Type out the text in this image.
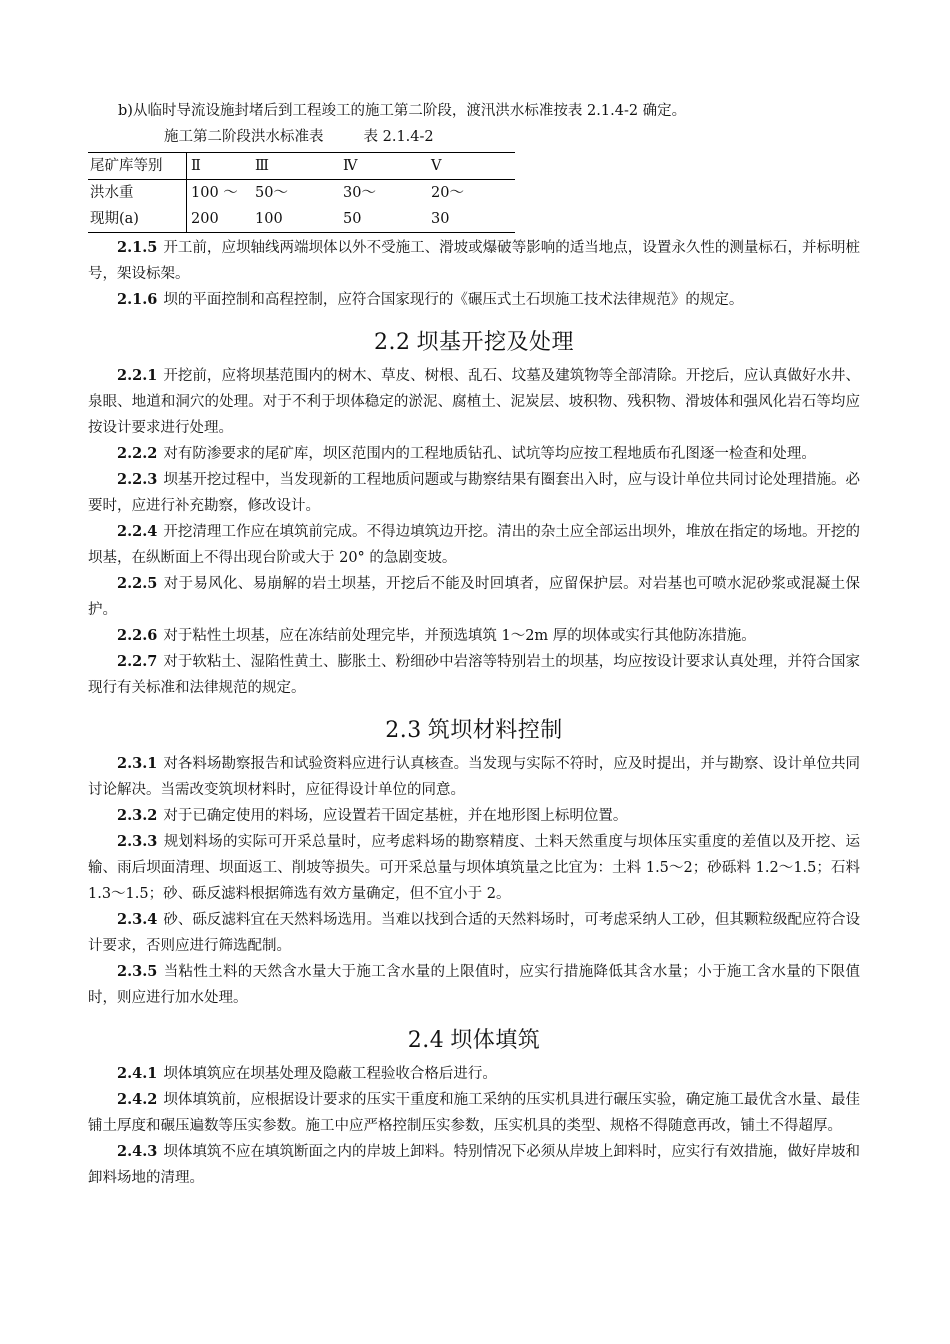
b)从临时导流设施封堵后到工程竣工的施工第二阶段，渡汛洪水标准按表 2.1.4-2 确定。

施工第二阶段洪水标准表	表 2.1.4-2

尾矿库等别	Ⅱ	Ⅲ	Ⅳ	Ⅴ
洪水重	100 ～	50～	30～	20～
现期(a)	200	100	50	30

2.1.5 开工前，应坝轴线两端坝体以外不受施工、滑坡或爆破等影响的适当地点，设置永久性的测量标石，并标明桩号，架设标架。

2.1.6 坝的平面控制和高程控制，应符合国家现行的《碾压式土石坝施工技术法律规范》的规定。

2.2 坝基开挖及处理

2.2.1 开挖前，应将坝基范围内的树木、草皮、树根、乱石、坟墓及建筑物等全部清除。开挖后，应认真做好水井、泉眼、地道和洞穴的处理。对于不利于坝体稳定的淤泥、腐植土、泥炭层、坡积物、残积物、滑坡体和强风化岩石等均应按设计要求进行处理。

2.2.2 对有防渗要求的尾矿库，坝区范围内的工程地质钻孔、试坑等均应按工程地质布孔图逐一检查和处理。

2.2.3 坝基开挖过程中，当发现新的工程地质问题或与勘察结果有圈套出入时，应与设计单位共同讨论处理措施。必要时，应进行补充勘察，修改设计。

2.2.4 开挖清理工作应在填筑前完成。不得边填筑边开挖。清出的杂土应全部运出坝外，堆放在指定的场地。开挖的坝基，在纵断面上不得出现台阶或大于 20° 的急剧变坡。

2.2.5 对于易风化、易崩解的岩土坝基，开挖后不能及时回填者，应留保护层。对岩基也可喷水泥砂浆或混凝土保护。

2.2.6 对于粘性土坝基，应在冻结前处理完毕，并预选填筑 1～2m 厚的坝体或实行其他防冻措施。

2.2.7 对于软粘土、湿陷性黄土、膨胀土、粉细砂中岩溶等特别岩土的坝基，均应按设计要求认真处理，并符合国家现行有关标准和法律规范的规定。

2.3 筑坝材料控制

2.3.1 对各料场勘察报告和试验资料应进行认真核查。当发现与实际不符时，应及时提出，并与勘察、设计单位共同讨论解决。当需改变筑坝材料时，应征得设计单位的同意。

2.3.2 对于已确定使用的料场，应设置若干固定基桩，并在地形图上标明位置。

2.3.3 规划料场的实际可开采总量时，应考虑料场的勘察精度、土料天然重度与坝体压实重度的差值以及开挖、运输、雨后坝面清理、坝面返工、削坡等损失。可开采总量与坝体填筑量之比宜为：土料 1.5～2；砂砾料 1.2～1.5；石料 1.3～1.5；砂、砾反滤料根据筛选有效方量确定，但不宜小于 2。

2.3.4 砂、砾反滤料宜在天然料场选用。当难以找到合适的天然料场时，可考虑采纳人工砂，但其颗粒级配应符合设计要求，否则应进行筛选配制。

2.3.5 当粘性土料的天然含水量大于施工含水量的上限值时，应实行措施降低其含水量；小于施工含水量的下限值时，则应进行加水处理。

2.4 坝体填筑

2.4.1 坝体填筑应在坝基处理及隐蔽工程验收合格后进行。

2.4.2 坝体填筑前，应根据设计要求的压实干重度和施工采纳的压实机具进行碾压实验，确定施工最优含水量、最佳铺土厚度和碾压遍数等压实参数。施工中应严格控制压实参数，压实机具的类型、规格不得随意再改，铺土不得超厚。

2.4.3 坝体填筑不应在填筑断面之内的岸坡上卸料。特别情况下必须从岸坡上卸料时，应实行有效措施，做好岸坡和卸料场地的清理。
